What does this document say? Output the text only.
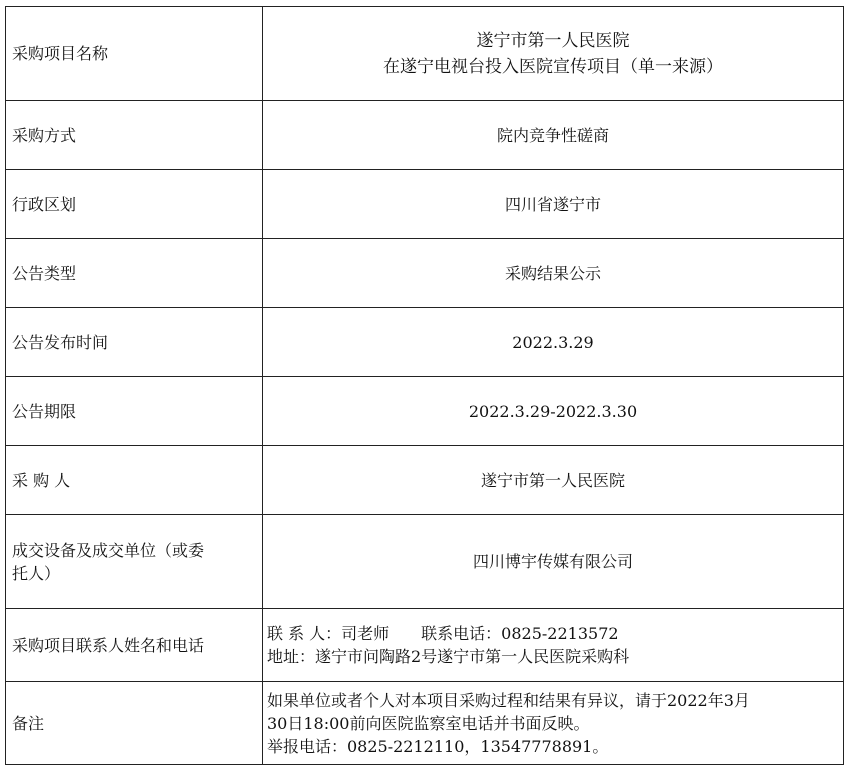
采购项目名称	遂宁市第一人民医院
在遂宁电视台投入医院宣传项目（单一来源）

采购方式	院内竞争性磋商
行政区划	四川省遂宁市
公告类型	采购结果公示
公告发布时间	2022.3.29
公告期限	2022.3.29-2022.3.30
采 购 人	遂宁市第一人民医院

成交设备及成交单位（或委
托人）	四川博宇传媒有限公司
采购项目联系人姓名和电话	联 系 人：司老师　　联系电话：0825-2213572
地址：遂宁市问陶路2号遂宁市第一人民医院采购科

备注	如果单位或者个人对本项目采购过程和结果有异议，请于2022年3月
30日18:00前向医院监察室电话并书面反映。
举报电话：0825-2212110，13547778891。
